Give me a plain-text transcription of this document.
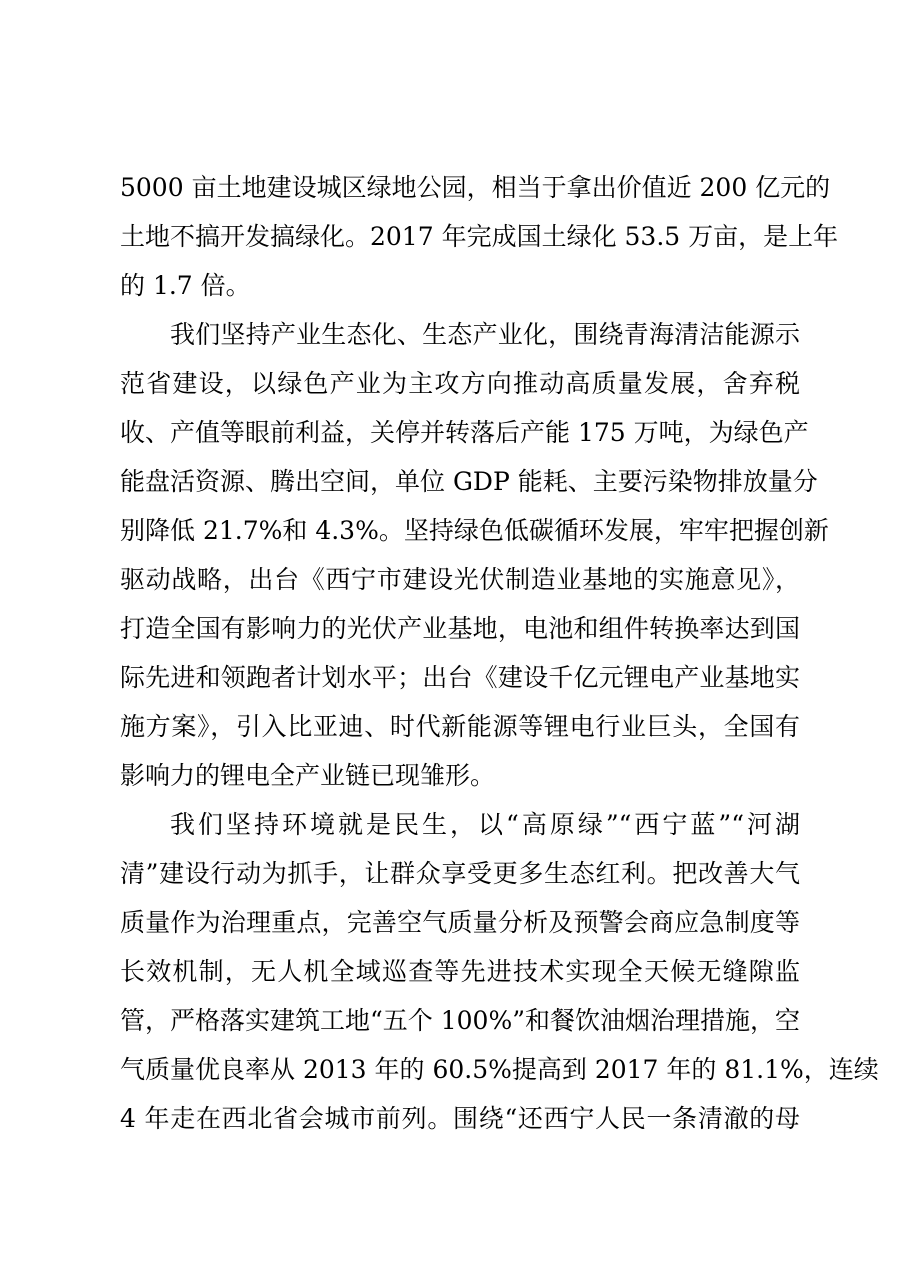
5000 亩土地建设城区绿地公园，相当于拿出价值近 200 亿元的
土地不搞开发搞绿化。2017 年完成国土绿化 53.5 万亩，是上年
的 1.7 倍。
我们坚持产业生态化、生态产业化，围绕青海清洁能源示
范省建设，以绿色产业为主攻方向推动高质量发展，舍弃税
收、产值等眼前利益，关停并转落后产能 175 万吨，为绿色产
能盘活资源、腾出空间，单位 GDP 能耗、主要污染物排放量分
别降低 21.7%和 4.3%。坚持绿色低碳循环发展，牢牢把握创新
驱动战略，出台《西宁市建设光伏制造业基地的实施意见》，
打造全国有影响力的光伏产业基地，电池和组件转换率达到国
际先进和领跑者计划水平；出台《建设千亿元锂电产业基地实
施方案》，引入比亚迪、时代新能源等锂电行业巨头，全国有
影响力的锂电全产业链已现雏形。
我们坚持环境就是民生，以“高原绿”“西宁蓝”“河湖
清”建设行动为抓手，让群众享受更多生态红利。把改善大气
质量作为治理重点，完善空气质量分析及预警会商应急制度等
长效机制，无人机全域巡查等先进技术实现全天候无缝隙监
管，严格落实建筑工地“五个 100%”和餐饮油烟治理措施，空
气质量优良率从 2013 年的 60.5%提高到 2017 年的 81.1%，连续
4 年走在西北省会城市前列。围绕“还西宁人民一条清澈的母
